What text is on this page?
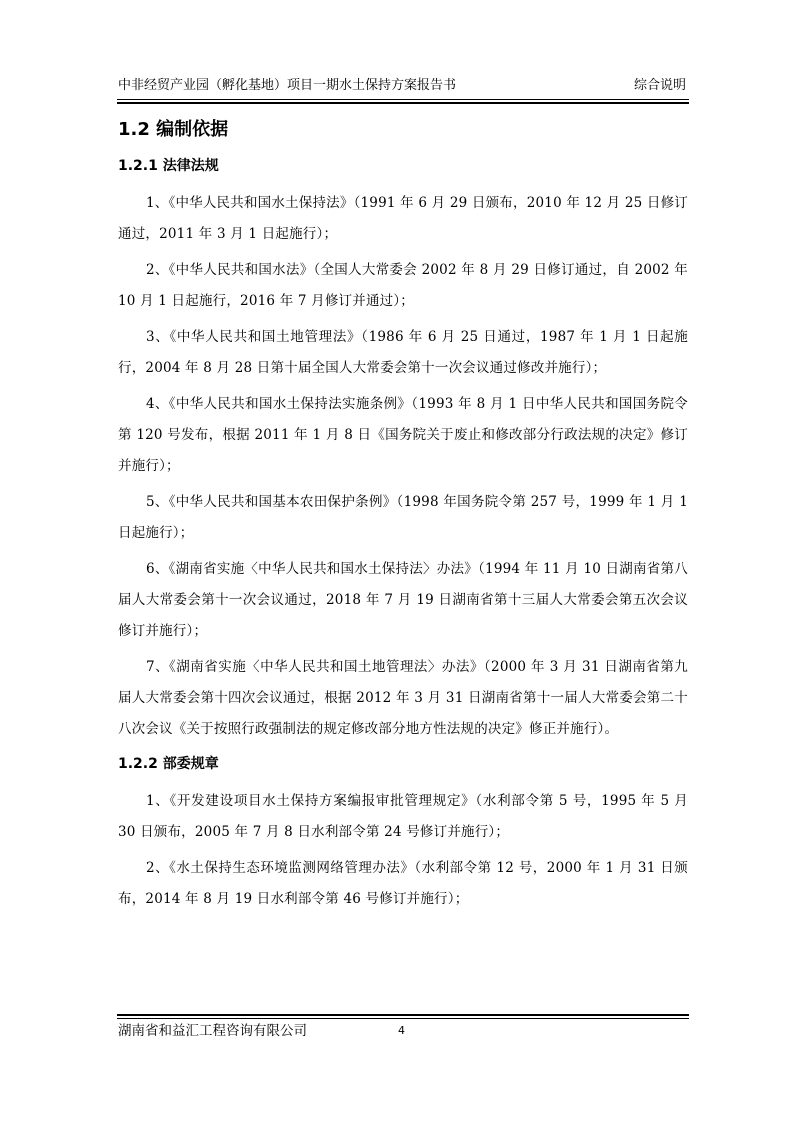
中非经贸产业园（孵化基地）项目一期水土保持方案报告书	综合说明
1.2 编制依据
1.2.1 法律法规

1、《中华人民共和国水土保持法》（1991 年 6 月 29 日颁布，2010 年 12 月 25 日修订通过，2011 年 3 月 1 日起施行）；

2、《中华人民共和国水法》（全国人大常委会 2002 年 8 月 29 日修订通过，自 2002 年 10 月 1 日起施行，2016 年 7 月修订并通过）；

3、《中华人民共和国土地管理法》（1986 年 6 月 25 日通过，1987 年 1 月 1 日起施行，2004 年 8 月 28 日第十届全国人大常委会第十一次会议通过修改并施行）；

4、《中华人民共和国水土保持法实施条例》（1993 年 8 月 1 日中华人民共和国国务院令第 120 号发布，根据 2011 年 1 月 8 日《国务院关于废止和修改部分行政法规的决定》修订并施行）；

5、《中华人民共和国基本农田保护条例》（1998 年国务院令第 257 号，1999 年 1 月 1 日起施行）；

6、《湖南省实施〈中华人民共和国水土保持法〉办法》（1994 年 11 月 10 日湖南省第八届人大常委会第十一次会议通过，2018 年 7 月 19 日湖南省第十三届人大常委会第五次会议修订并施行）；

7、《湖南省实施〈中华人民共和国土地管理法〉办法》（2000 年 3 月 31 日湖南省第九届人大常委会第十四次会议通过，根据 2012 年 3 月 31 日湖南省第十一届人大常委会第二十八次会议《关于按照行政强制法的规定修改部分地方性法规的决定》修正并施行）。

1.2.2 部委规章

1、《开发建设项目水土保持方案编报审批管理规定》（水利部令第 5 号，1995 年 5 月 30 日颁布，2005 年 7 月 8 日水利部令第 24 号修订并施行）；

2、《水土保持生态环境监测网络管理办法》（水利部令第 12 号，2000 年 1 月 31 日颁布，2014 年 8 月 19 日水利部令第 46 号修订并施行）；

湖南省和益汇工程咨询有限公司	4
